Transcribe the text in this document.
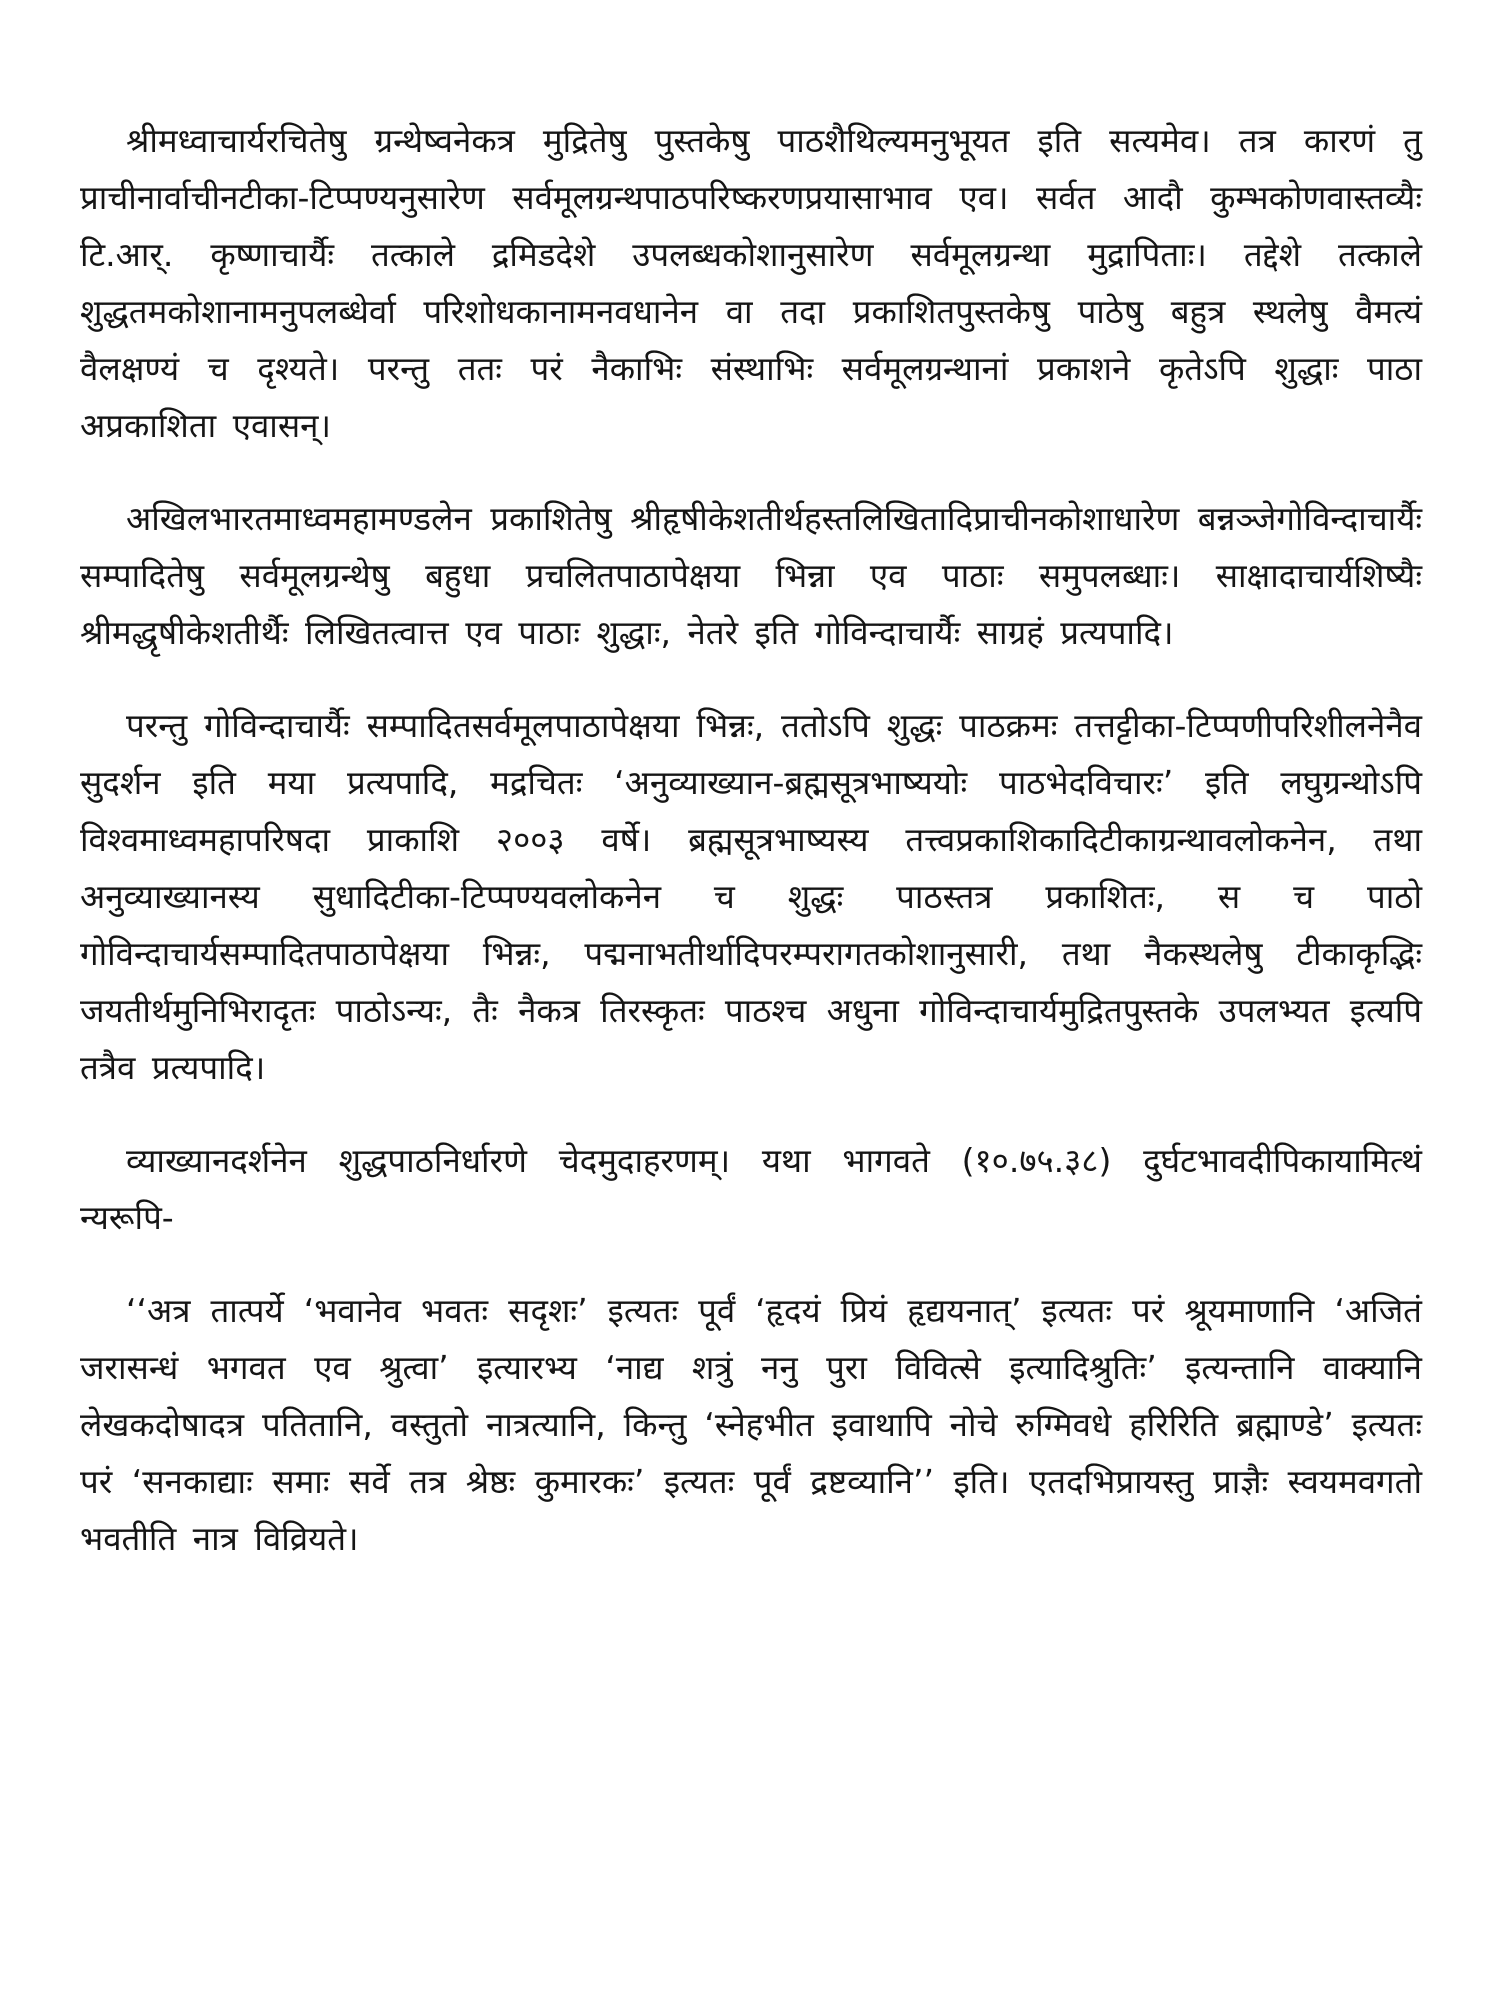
श्रीमध्वाचार्यरचितेषु ग्रन्थेष्वनेकत्र मुद्रितेषु पुस्तकेषु पाठशैथिल्यमनुभूयत इति सत्यमेव। तत्र कारणं तु प्राचीनार्वाचीनटीका-टिप्पण्यनुसारेण सर्वमूलग्रन्थपाठपरिष्करणप्रयासाभाव एव। सर्वत आदौ कुम्भकोणवास्तव्यैः टि.आर्. कृष्णाचार्यैः तत्काले द्रमिडदेशे उपलब्धकोशानुसारेण सर्वमूलग्रन्था मुद्रापिताः। तद्देशे तत्काले शुद्धतमकोशानामनुपलब्धेर्वा परिशोधकानामनवधानेन वा तदा प्रकाशितपुस्तकेषु पाठेषु बहुत्र स्थलेषु वैमत्यं वैलक्षण्यं च दृश्यते। परन्तु ततः परं नैकाभिः संस्थाभिः सर्वमूलग्रन्थानां प्रकाशने कृतेऽपि शुद्धाः पाठा अप्रकाशिता एवासन्।

अखिलभारतमाध्वमहामण्डलेन प्रकाशितेषु श्रीहृषीकेशतीर्थहस्तलिखितादिप्राचीनकोशाधारेण बन्नञ्जेगोविन्दाचार्यैः सम्पादितेषु सर्वमूलग्रन्थेषु बहुधा प्रचलितपाठापेक्षया भिन्ना एव पाठाः समुपलब्धाः। साक्षादाचार्यशिष्यैः श्रीमद्धृषीकेशतीर्थैः लिखितत्वात्त एव पाठाः शुद्धाः, नेतरे इति गोविन्दाचार्यैः साग्रहं प्रत्यपादि।

परन्तु गोविन्दाचार्यैः सम्पादितसर्वमूलपाठापेक्षया भिन्नः, ततोऽपि शुद्धः पाठक्रमः तत्तट्टीका-टिप्पणीपरिशीलनेनैव सुदर्शन इति मया प्रत्यपादि, मद्रचितः ‘अनुव्याख्यान-ब्रह्मसूत्रभाष्ययोः पाठभेदविचारः’ इति लघुग्रन्थोऽपि विश्वमाध्वमहापरिषदा प्राकाशि २००३ वर्षे। ब्रह्मसूत्रभाष्यस्य तत्त्वप्रकाशिकादिटीकाग्रन्थावलोकनेन, तथा अनुव्याख्यानस्य सुधादिटीका-टिप्पण्यवलोकनेन च शुद्धः पाठस्तत्र प्रकाशितः, स च पाठो गोविन्दाचार्यसम्पादितपाठापेक्षया भिन्नः, पद्मनाभतीर्थादिपरम्परागतकोशानुसारी, तथा नैकस्थलेषु टीकाकृद्भिः जयतीर्थमुनिभिरादृतः पाठोऽन्यः, तैः नैकत्र तिरस्कृतः पाठश्च अधुना गोविन्दाचार्यमुद्रितपुस्तके उपलभ्यत इत्यपि तत्रैव प्रत्यपादि।

व्याख्यानदर्शनेन शुद्धपाठनिर्धारणे चेदमुदाहरणम्। यथा भागवते (१०.७५.३८) दुर्घटभावदीपिकायामित्थं न्यरूपि-

‘‘अत्र तात्पर्ये ‘भवानेव भवतः सदृशः’ इत्यतः पूर्वं ‘हृदयं प्रियं हृद्ययनात्’ इत्यतः परं श्रूयमाणानि ‘अजितं जरासन्धं भगवत एव श्रुत्वा’ इत्यारभ्य ‘नाद्य शत्रुं ननु पुरा विवित्से इत्यादिश्रुतिः’ इत्यन्तानि वाक्यानि लेखकदोषादत्र पतितानि, वस्तुतो नात्रत्यानि, किन्तु ‘स्नेहभीत इवाथापि नोचे रुग्मिवधे हरिरिति ब्रह्माण्डे’ इत्यतः परं ‘सनकाद्याः समाः सर्वे तत्र श्रेष्ठः कुमारकः’ इत्यतः पूर्वं द्रष्टव्यानि’’ इति। एतदभिप्रायस्तु प्राज्ञैः स्वयमवगतो भवतीति नात्र विव्रियते।
